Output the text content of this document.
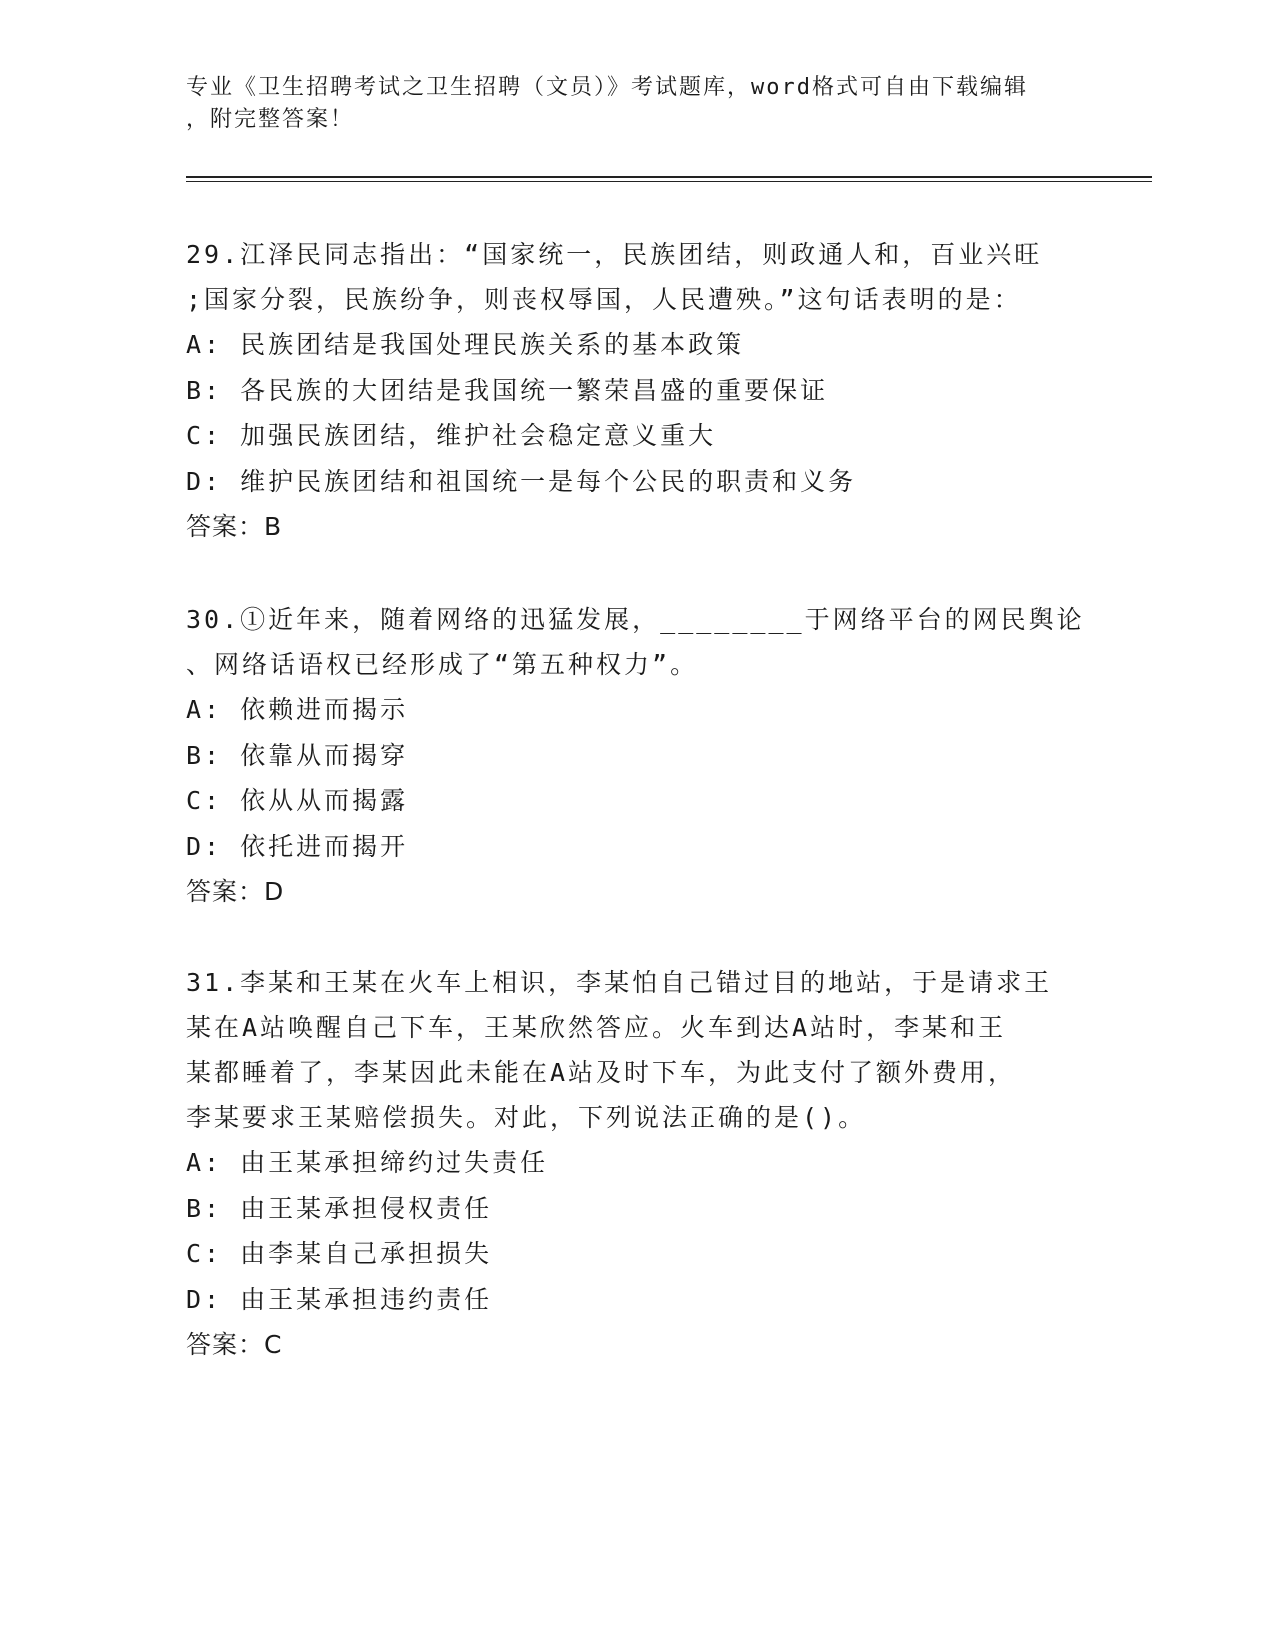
专业《卫生招聘考试之卫生招聘（文员）》考试题库，word格式可自由下载编辑

，附完整答案！

29.江泽民同志指出：“国家统一，民族团结，则政通人和，百业兴旺
;国家分裂，民族纷争，则丧权辱国，人民遭殃。”这句话表明的是：

A: 民族团结是我国处理民族关系的基本政策

B: 各民族的大团结是我国统一繁荣昌盛的重要保证

C: 加强民族团结，维护社会稳定意义重大

D: 维护民族团结和祖国统一是每个公民的职责和义务

答案：B

30.①近年来，随着网络的迅猛发展，________于网络平台的网民舆论
、网络话语权已经形成了“第五种权力”。

A: 依赖进而揭示

B: 依靠从而揭穿

C: 依从从而揭露

D: 依托进而揭开

答案：D

31.李某和王某在火车上相识，李某怕自己错过目的地站，于是请求王
某在A站唤醒自己下车，王某欣然答应。火车到达A站时，李某和王
某都睡着了，李某因此未能在A站及时下车，为此支付了额外费用，
李某要求王某赔偿损失。对此，下列说法正确的是()。

A: 由王某承担缔约过失责任

B: 由王某承担侵权责任

C: 由李某自己承担损失

D: 由王某承担违约责任

答案：C
